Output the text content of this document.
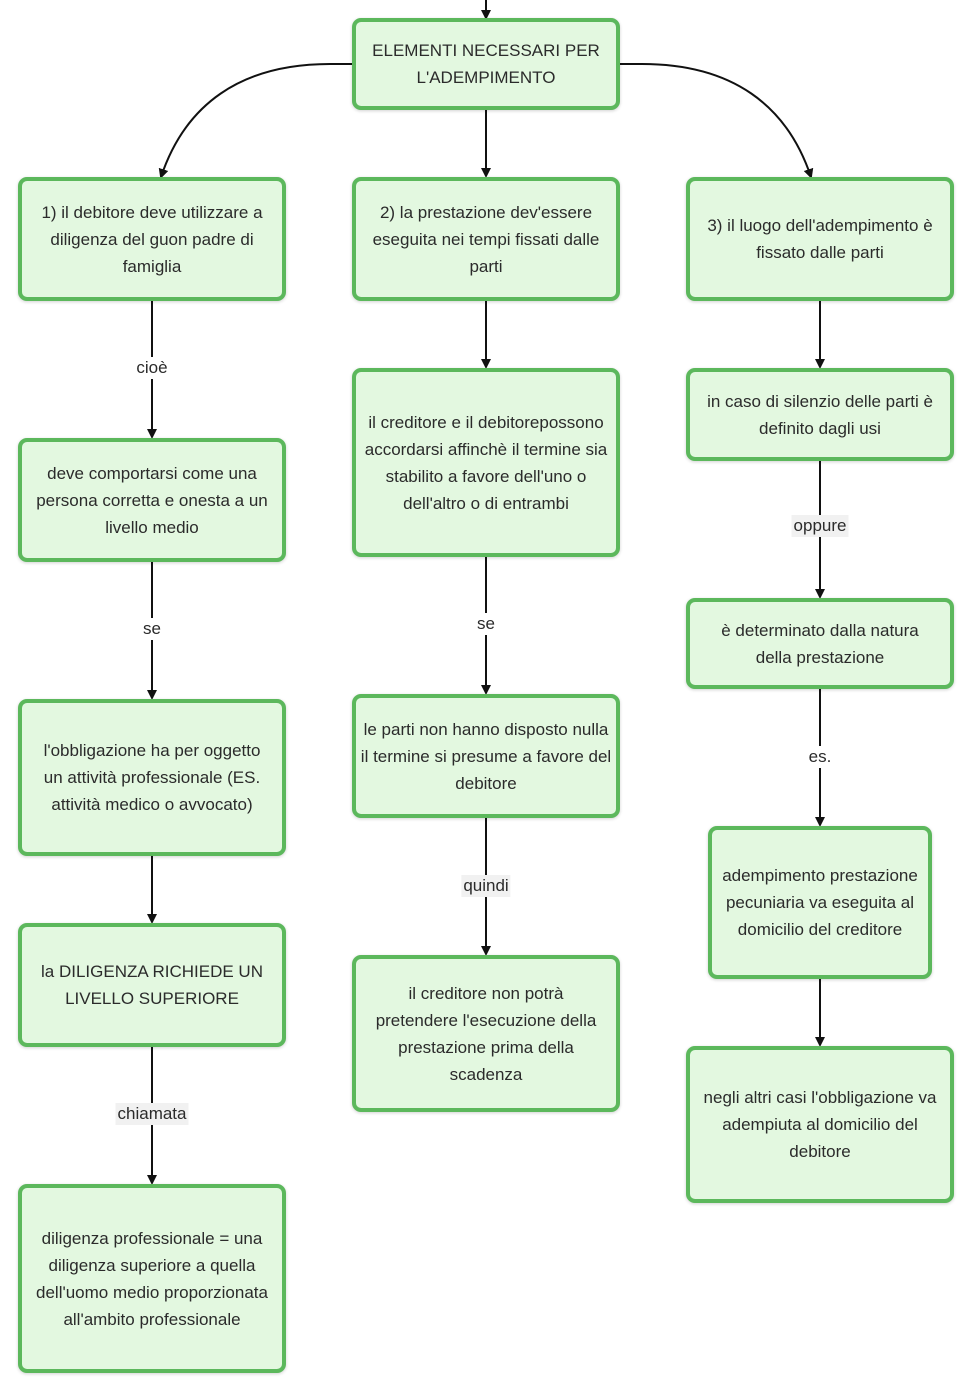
cioè
se
chiamata
se
quindi
oppure
es.
ELEMENTI NECESSARI PER L'ADEMPIMENTO
1) il debitore deve utilizzare a diligenza del guon padre di famiglia
deve comportarsi come una persona corretta e onesta a un livello medio
l'obbligazione ha per oggetto un attività professionale (ES. attività medico o avvocato)
la DILIGENZA RICHIEDE UN LIVELLO SUPERIORE
diligenza professionale = una diligenza superiore a quella dell'uomo medio proporzionata all'ambito professionale
2) la prestazione dev'essere eseguita nei tempi fissati dalle parti
il creditore e il debitorepossono accordarsi affinchè il termine sia stabilito a favore dell'uno o dell'altro o di entrambi
le parti non hanno disposto nulla il termine si presume a favore del debitore
il creditore non potrà pretendere l'esecuzione della prestazione prima della scadenza
3) il luogo dell'adempimento è fissato dalle parti
in caso di silenzio delle parti è definito dagli usi
è determinato dalla natura della prestazione
adempimento prestazione pecuniaria va eseguita al domicilio del creditore
negli altri casi l'obbligazione va adempiuta al domicilio del debitore
